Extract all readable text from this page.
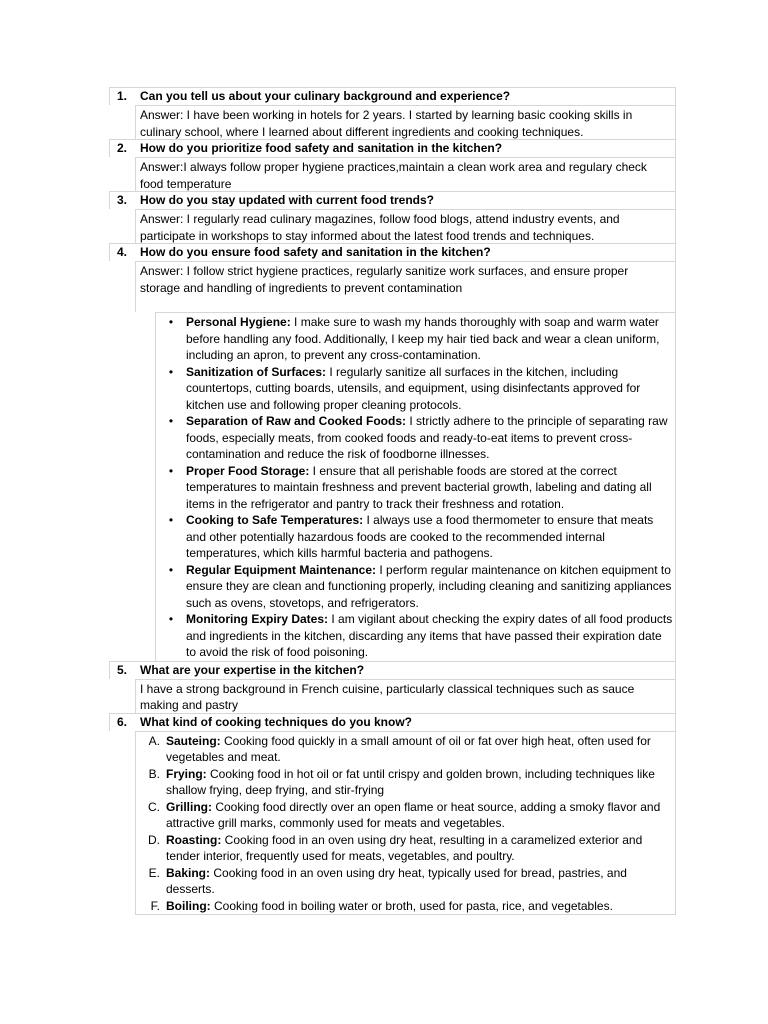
1. Can you tell us about your culinary background and experience?
Answer: I have been working in hotels for 2 years. I started by learning basic cooking skills in culinary school, where I learned about different ingredients and cooking techniques.
2. How do you prioritize food safety and sanitation in the kitchen?
Answer:I always follow proper hygiene practices,maintain a clean work area and regulary check food temperature
3. How do you stay updated with current food trends?
Answer: I regularly read culinary magazines, follow food blogs, attend industry events, and participate in workshops to stay informed about the latest food trends and techniques.
4. How do you ensure food safety and sanitation in the kitchen?
Answer: I follow strict hygiene practices, regularly sanitize work surfaces, and ensure proper storage and handling of ingredients to prevent contamination
•	Personal Hygiene: I make sure to wash my hands thoroughly with soap and warm water before handling any food. Additionally, I keep my hair tied back and wear a clean uniform, including an apron, to prevent any cross-contamination.
•	Sanitization of Surfaces: I regularly sanitize all surfaces in the kitchen, including countertops, cutting boards, utensils, and equipment, using disinfectants approved for kitchen use and following proper cleaning protocols.
•	Separation of Raw and Cooked Foods: I strictly adhere to the principle of separating raw foods, especially meats, from cooked foods and ready-to-eat items to prevent cross-contamination and reduce the risk of foodborne illnesses.
•	Proper Food Storage: I ensure that all perishable foods are stored at the correct temperatures to maintain freshness and prevent bacterial growth, labeling and dating all items in the refrigerator and pantry to track their freshness and rotation.
•	Cooking to Safe Temperatures: I always use a food thermometer to ensure that meats and other potentially hazardous foods are cooked to the recommended internal temperatures, which kills harmful bacteria and pathogens.
•	Regular Equipment Maintenance: I perform regular maintenance on kitchen equipment to ensure they are clean and functioning properly, including cleaning and sanitizing appliances such as ovens, stovetops, and refrigerators.
•	Monitoring Expiry Dates: I am vigilant about checking the expiry dates of all food products and ingredients in the kitchen, discarding any items that have passed their expiration date to avoid the risk of food poisoning.
5. What are your expertise in the kitchen?
I have a strong background in French cuisine, particularly classical techniques such as sauce making and pastry
6. What kind of cooking techniques do you know?
A. Sauteing: Cooking food quickly in a small amount of oil or fat over high heat, often used for vegetables and meat.
B. Frying: Cooking food in hot oil or fat until crispy and golden brown, including techniques like shallow frying, deep frying, and stir-frying
C. Grilling: Cooking food directly over an open flame or heat source, adding a smoky flavor and attractive grill marks, commonly used for meats and vegetables.
D. Roasting: Cooking food in an oven using dry heat, resulting in a caramelized exterior and tender interior, frequently used for meats, vegetables, and poultry.
E. Baking: Cooking food in an oven using dry heat, typically used for bread, pastries, and desserts.
F. Boiling: Cooking food in boiling water or broth, used for pasta, rice, and vegetables.
